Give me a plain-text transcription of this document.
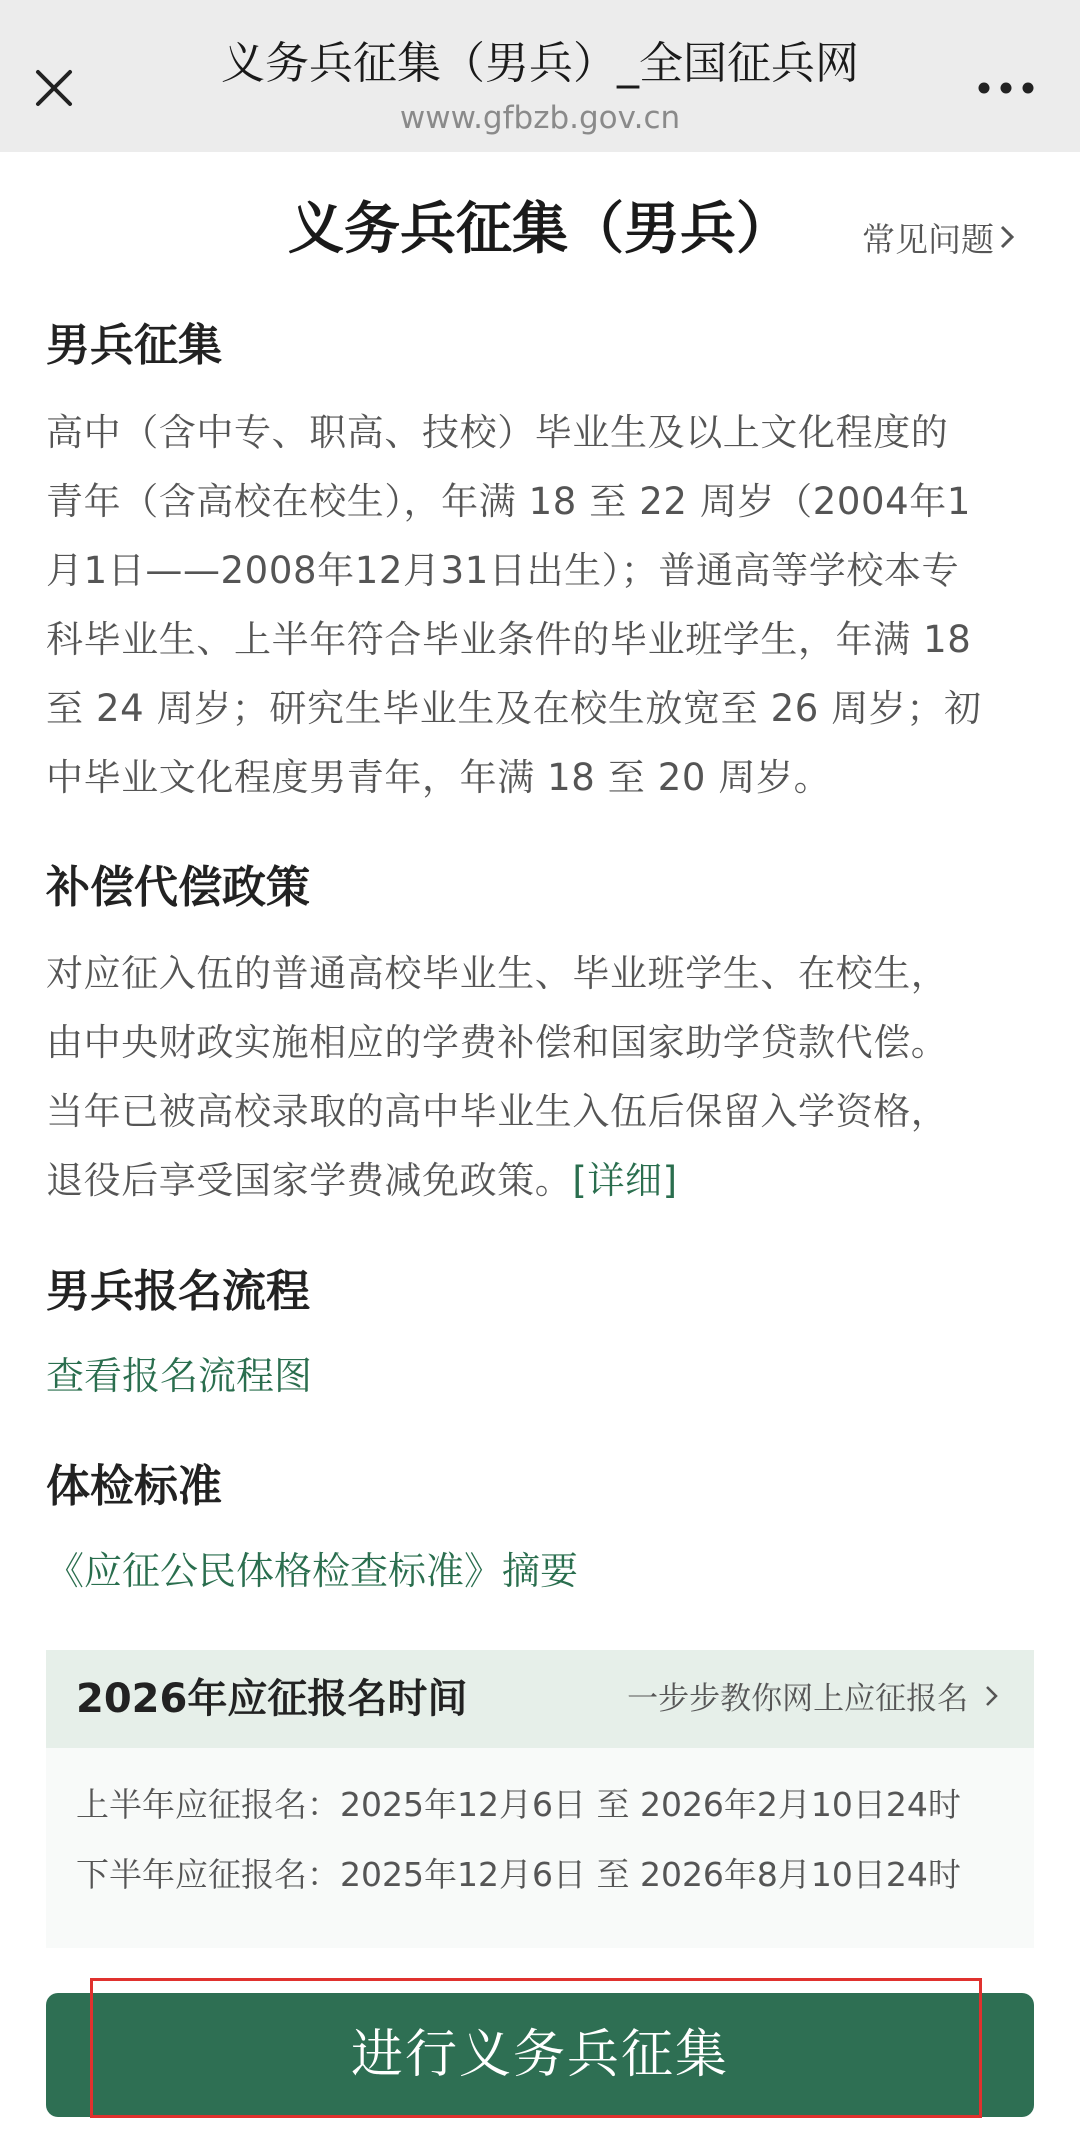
义务兵征集（男兵）_全国征兵网
www.gfbzb.gov.cn
义务兵征集（男兵）	常见问题
男兵征集
高中（含中专、职高、技校）毕业生及以上文化程度的
青年（含高校在校生），年满 18 至 22 周岁（2004年1
月1日——2008年12月31日出生）；普通高等学校本专
科毕业生、上半年符合毕业条件的毕业班学生，年满 18
至 24 周岁；研究生毕业生及在校生放宽至 26 周岁；初
中毕业文化程度男青年，年满 18 至 20 周岁。
补偿代偿政策
对应征入伍的普通高校毕业生、毕业班学生、在校生，
由中央财政实施相应的学费补偿和国家助学贷款代偿。
当年已被高校录取的高中毕业生入伍后保留入学资格，
退役后享受国家学费减免政策。[详细]
男兵报名流程
查看报名流程图
体检标准
《应征公民体格检查标准》摘要
2026年应征报名时间	一步步教你网上应征报名
上半年应征报名：2025年12月6日 至 2026年2月10日24时
下半年应征报名：2025年12月6日 至 2026年8月10日24时
进行义务兵征集
